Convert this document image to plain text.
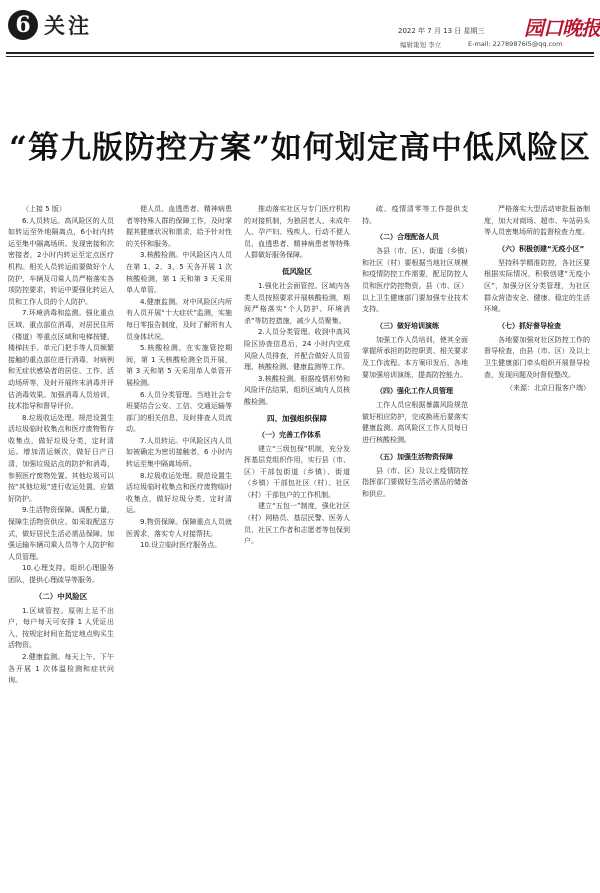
6 关注	2022 年 7 月 13 日 星期三 园口晚报
编辑策划 李立	E-mail: 22789876I5@qq.com
“第九版防控方案”如何划定高中低风险区

（上接 5 版）

6.人员转运。高风险区的人员如转运至外地隔离点，6小时内转运至集中隔离场所。发现密接和次密接者，2小时内转运至定点医疗机构。相关人员转运前要做好个人防护，车辆及司乘人员严格落实各项防控要求，转运中要强化转运人员和工作人员的个人防护。

7.环境消毒和监测。强化重点区域、重点部位消毒，对居民住所（楼道）等重点区域和电梯按键、楼梯扶手、单元门把手等人员频繁接触的重点部位进行消毒，对病例和无症状感染者的居住、工作、活动场所等，及时开展终末消毒并评估消毒效果。加强消毒人员培训，技术指导和督导评价。

8.垃圾收运处理。规范设置生活垃圾临时收集点和医疗废物暂存收集点，做好垃圾分类，定时清运。增加清运频次，做好日产日清，加强垃圾站点的防护和消毒，参照医疗废物处置。其他垃圾可以按“其他垃圾”进行收运处置，应做好防护。

9.生活物资保障。调配力量，保障生活物资供应。如采取配送方式，做好居民生活必需品保障。加强运输车辆司乘人员等个人防护和人员管理。

10.心理支持。组织心理服务团队，提供心理疏导等服务。

（二）中风险区

1.区域管控。原则上足不出户，每户每天可安排 1 人凭证出入，按规定时间在指定地点购买生活物资。

2.健康监测。每天上午、下午各开展 1 次体温检测和症状问询。

便人员、血透患者、精神病患者等特殊人群的保障工作，及时掌握其健康状况和需求，给予针对性的关怀和服务。

3.核酸检测。中风险区内人员在第 1、2、3、5 天各开展 1 次核酸检测，第 1 天和第 3 天采用单人单管。

4.健康监测。对中风险区内所有人员开展“十大症状”监测，实施每日零报告制度，及时了解所有人员身体状况。

5.核酸检测。在实施管控期间，第 1 天核酸检测全员开展，第 3 天和第 5 天采用单人单管开展检测。

6.人员分类管理。当地社会专班要结合公安、工信、交通运输等部门的相关信息，及时排查人员流动。

7.人员转运。中风险区内人员如被确定为密切接触者，6 小时内转运至集中隔离场所。

8.垃圾收运处理。规范设置生活垃圾临时收集点和医疗废物临时收集点，做好垃圾分类，定时清运。

9.物资保障。保障重点人员就医需求，落实专人对接帮扶。

10.设立临时医疗服务点。

推动落实社区与专门医疗机构的对接机制，为独居老人、未成年人、孕产妇、残疾人、行动不便人员、血透患者、精神病患者等特殊人群做好服务保障。

低风险区

1.强化社会面管控。区域内各类人员按照要求开展核酸检测，期间严格落实“个人防护、环境消杀”等防控措施，减少人员聚集。

2.人员分类管理。收到中高风险区协查信息后，24 小时内完成风险人员排查，并配合做好人员管理、核酸检测、健康监测等工作。

3.核酸检测。根据疫情形势和风险评估结果，组织区域内人员核酸检测。

四、加强组织保障
（一）完善工作体系

建立“三级包保”机制，充分发挥基层党组织作用，实行县（市、区）干部包街道（乡镇）、街道（乡镇）干部包社区（村）、社区（村）干部包户的工作机制。

建立“五包一”制度，强化社区（村）网格员、基层民警、医务人员、社区工作者和志愿者等包保到户。

疏、疫情清零等工作提供支持。

（二）合理配备人员

各县（市、区）、街道（乡镇）和社区（村）要根据当地社区规模和疫情防控工作需要，配足防控人员和医疗防控物资。县（市、区）以上卫生健康部门要加强专业技术支持。

（三）做好培训演练

加强工作人员培训，使其全面掌握所承担的防控职责、相关要求及工作流程。本方案印发后，各地要加强培训演练，提高防控能力。

（四）强化工作人员管理

工作人员应根据暴露风险规范做好相应防护，完成换班后要落实健康监测。高风险区工作人员每日进行核酸检测。

（五）加强生活物资保障

县（市、区）及以上疫情防控指挥部门要做好生活必需品的储备和供应。

严格落实大型活动审批报备制度，加大对商场、超市、车站码头等人员密集场所的监督检查力度。

（六）积极创建“无疫小区”

坚持科学精准防控，各社区要根据实际情况，积极创建“无疫小区”，加强分区分类管理，为社区群众营造安全、健康、稳定的生活环境。

（七）抓好督导检查

各地要加强对社区防控工作的督导检查，由县（市、区）及以上卫生健康部门牵头组织开展督导检查，发现问题及时督促整改。

（来源：北京日报客户端）
